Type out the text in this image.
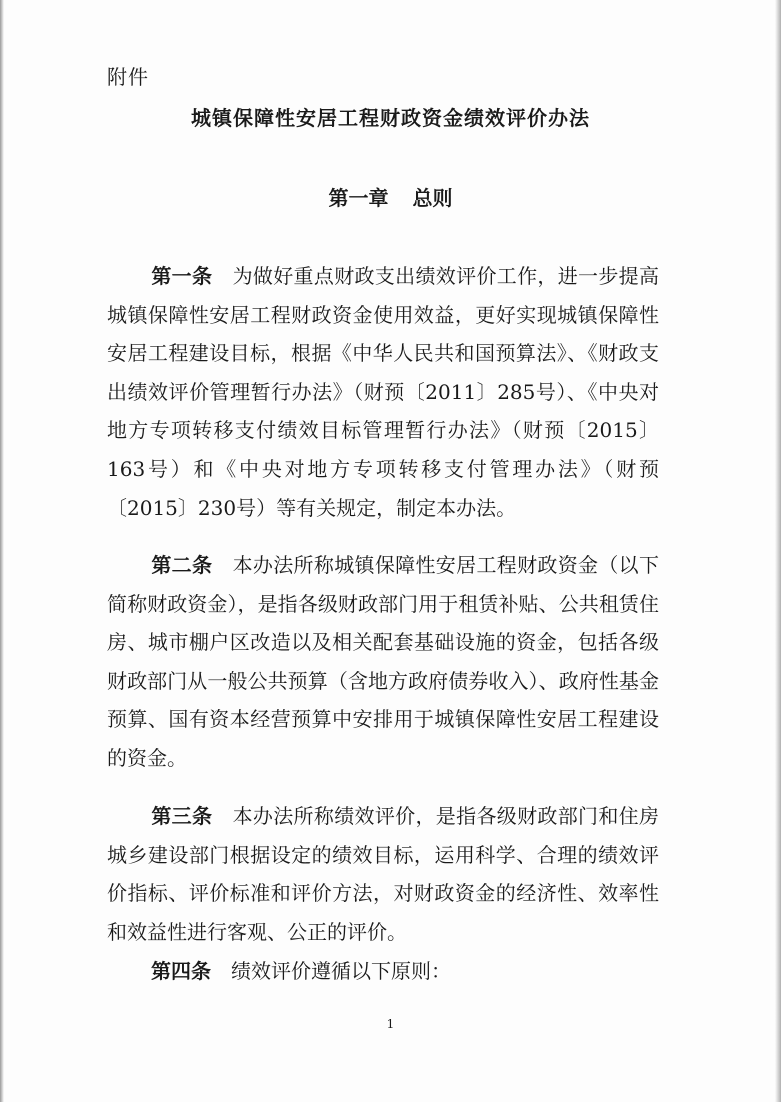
附件
城镇保障性安居工程财政资金绩效评价办法
第一章 总则

第一条  为做好重点财政支出绩效评价工作，进一步提高城镇保障性安居工程财政资金使用效益，更好实现城镇保障性安居工程建设目标，根据《中华人民共和国预算法》、《财政支出绩效评价管理暂行办法》（财预〔2011〕285号）、《中央对地方专项转移支付绩效目标管理暂行办法》（财预〔2015〕163号）和《中央对地方专项转移支付管理办法》（财预〔2015〕230号）等有关规定，制定本办法。

第二条  本办法所称城镇保障性安居工程财政资金（以下简称财政资金），是指各级财政部门用于租赁补贴、公共租赁住房、城市棚户区改造以及相关配套基础设施的资金，包括各级财政部门从一般公共预算（含地方政府债券收入）、政府性基金预算、国有资本经营预算中安排用于城镇保障性安居工程建设的资金。

第三条  本办法所称绩效评价，是指各级财政部门和住房城乡建设部门根据设定的绩效目标，运用科学、合理的绩效评价指标、评价标准和评价方法，对财政资金的经济性、效率性和效益性进行客观、公正的评价。

第四条  绩效评价遵循以下原则：

1
